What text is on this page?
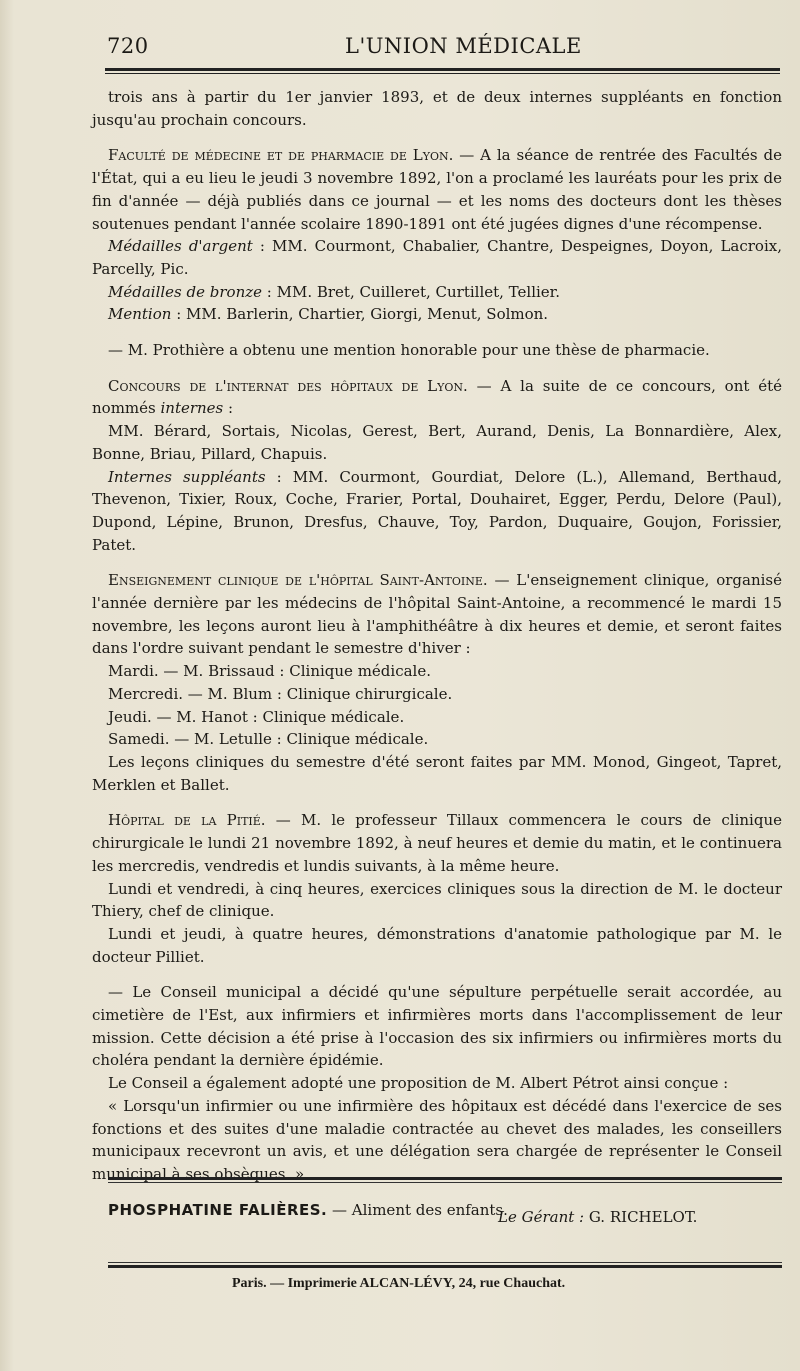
720	L'UNION MÉDICALE

trois ans à partir du 1er janvier 1893, et de deux internes suppléants en fonction jusqu'au prochain concours.

Faculté de médecine et de pharmacie de Lyon. — A la séance de rentrée des Facultés de l'État, qui a eu lieu le jeudi 3 novembre 1892, l'on a proclamé les lauréats pour les prix de fin d'année — déjà publiés dans ce journal — et les noms des docteurs dont les thèses soutenues pendant l'année scolaire 1890-1891 ont été jugées dignes d'une récompense.

Médailles d'argent : MM. Courmont, Chabalier, Chantre, Despeignes, Doyon, Lacroix, Parcelly, Pic.

Médailles de bronze : MM. Bret, Cuilleret, Curtillet, Tellier.

Mention : MM. Barlerin, Chartier, Giorgi, Menut, Solmon.

— M. Prothière a obtenu une mention honorable pour une thèse de pharmacie.

Concours de l'internat des hôpitaux de Lyon. — A la suite de ce concours, ont été nommés internes :

MM. Bérard, Sortais, Nicolas, Gerest, Bert, Aurand, Denis, La Bonnardière, Alex, Bonne, Briau, Pillard, Chapuis.

Internes suppléants : MM. Courmont, Gourdiat, Delore (L.), Allemand, Berthaud, Thevenon, Tixier, Roux, Coche, Frarier, Portal, Douhairet, Egger, Perdu, Delore (Paul), Dupond, Lépine, Brunon, Dresfus, Chauve, Toy, Pardon, Duquaire, Goujon, Forissier, Patet.

Enseignement clinique de l'hôpital Saint-Antoine. — L'enseignement clinique, organisé l'année dernière par les médecins de l'hôpital Saint-Antoine, a recommencé le mardi 15 novembre, les leçons auront lieu à l'amphithéâtre à dix heures et demie, et seront faites dans l'ordre suivant pendant le semestre d'hiver :

Mardi. — M. Brissaud : Clinique médicale.

Mercredi. — M. Blum : Clinique chirurgicale.

Jeudi. — M. Hanot : Clinique médicale.

Samedi. — M. Letulle : Clinique médicale.

Les leçons cliniques du semestre d'été seront faites par MM. Monod, Gingeot, Tapret, Merklen et Ballet.

Hôpital de la Pitié. — M. le professeur Tillaux commencera le cours de clinique chirurgicale le lundi 21 novembre 1892, à neuf heures et demie du matin, et le continuera les mercredis, vendredis et lundis suivants, à la même heure.

Lundi et vendredi, à cinq heures, exercices cliniques sous la direction de M. le docteur Thiery, chef de clinique.

Lundi et jeudi, à quatre heures, démonstrations d'anatomie pathologique par M. le docteur Pilliet.

— Le Conseil municipal a décidé qu'une sépulture perpétuelle serait accordée, au cimetière de l'Est, aux infirmiers et infirmières morts dans l'accomplissement de leur mission. Cette décision a été prise à l'occasion des six infirmiers ou infirmières morts du choléra pendant la dernière épidémie.

Le Conseil a également adopté une proposition de M. Albert Pétrot ainsi conçue :

« Lorsqu'un infirmier ou une infirmière des hôpitaux est décédé dans l'exercice de ses fonctions et des suites d'une maladie contractée au chevet des malades, les conseillers municipaux recevront un avis, et une délégation sera chargée de représenter le Conseil municipal à ses obsèques. »

PHOSPHATINE FALIÈRES. — Aliment des enfants.

Le Gérant : G. RICHELOT.
Paris. — Imprimerie ALCAN-LÉVY, 24, rue Chauchat.
